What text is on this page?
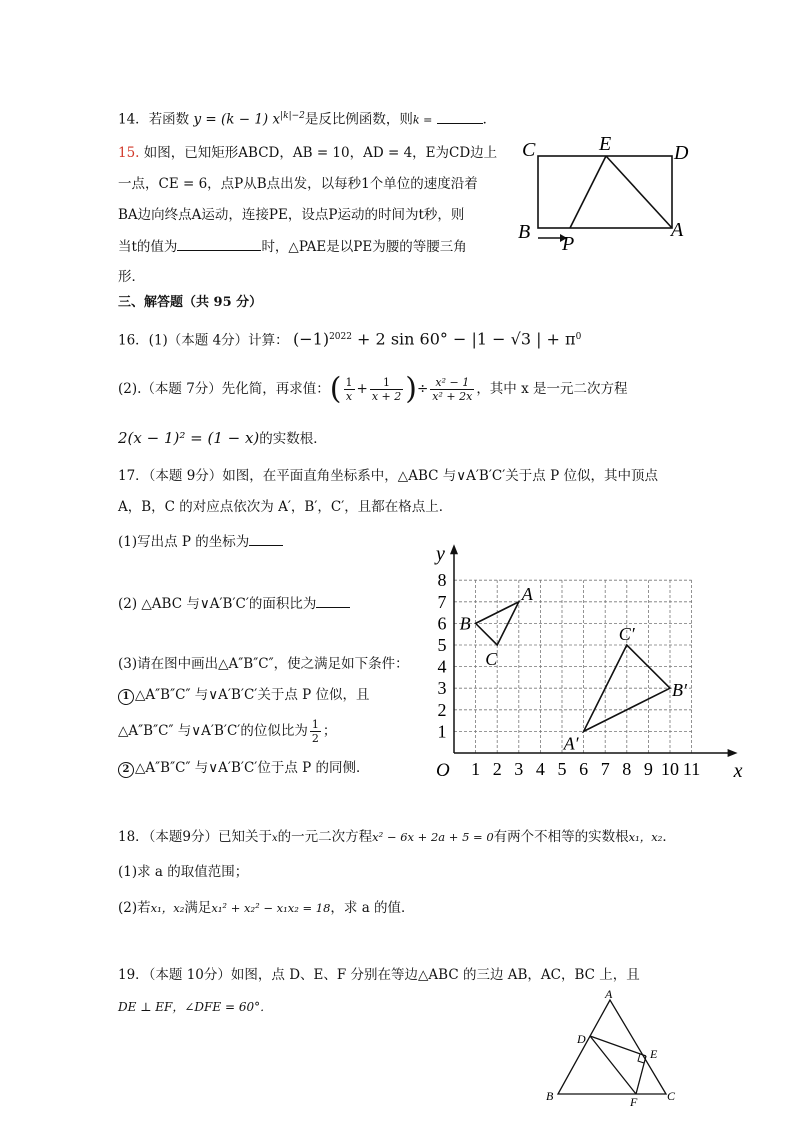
14．若函数 y = (k − 1) $x^{|k|-2}$是反比例函数，则k =	．
15. 如图，已知矩形ABCD，AB = 10，AD = 4，E为CD边上
一点，CE = 6，点P从B点出发，以每秒1个单位的速度沿着
BA边向终点A运动，连接PE，设点P运动的时间为t秒，则
当t的值为	时，△PAE是以PE为腰的等腰三角
形．
C	E	D
B
P
A
三、解答题（共 95 分）
16．(1)（本题 4分）计算： $(-1)^{2022} + 2$ sin 60° − |1 − √3 | + $\pi^0$
(2).（本题 7分）先化简，再求值：( $\frac{1}{x} + \frac{1}{x + 2}$ )÷ $\frac{\text{x² − 1}}{\text{x² + 2x}}$ ，其中 x 是一元二次方程
2(x − 1)² = (1 − x)的实数根．
17．（本题 9分）如图，在平面直角坐标系中，△ABC 与∨A′B′C′关于点 P 位似，其中顶点
A，B，C 的对应点依次为 A′，B′，C′，且都在格点上．
(1)写出点 P 的坐标为
(2) △ABC 与∨A′B′C′的面积比为
(3)请在图中画出△A″B″C″，使之满足如下条件：
1 △A″B″C″ 与∨A′B′C′关于点 P 位似，且
△A″B″C″ 与∨A′B′C′的位似比为 $\frac{1}{2}$ ；
2 △A″B″C″ 与∨A′B′C′位于点 P 的同侧．	1 2 3 4 5 6 7 8 9 10 11
1
2
3
4
5
6
7
8
O	x
y
A
B
C
A′
B′
C′
18．（本题9分）已知关于x的一元二次方程x² − 6x + 2a + 5 = 0有两个不相等的实数根x₁，x₂．
(1)求 a 的取值范围；
(2)若x₁，x₂满足x₁² + x₂² − x₁x₂ = 18，求 a 的值．
19．（本题 10分）如图，点 D、E、F 分别在等边△ABC 的三边 AB，AC，BC 上，且
DE ⊥ EF，∠DFE = 60°．
A
B	C
D
E
F
